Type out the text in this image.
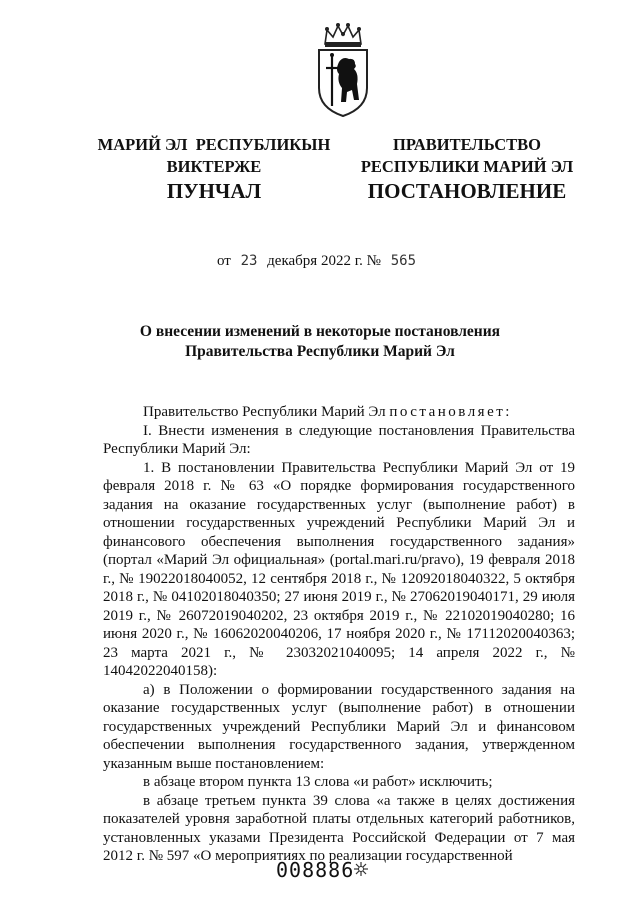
МАРИЙ ЭЛ  РЕСПУБЛИКЫН
ВИКТЕРЖЕ
ПРАВИТЕЛЬСТВО
РЕСПУБЛИКИ МАРИЙ ЭЛ
ПУНЧАЛ	ПОСТАНОВЛЕНИЕ
от 23 декабря 2022 г. № 565
О внесении изменений в некоторые постановления
Правительства Республики Марий Эл

Правительство Республики Марий Эл постановляет:

I. Внести изменения в следующие постановления Правительства Республики Марий Эл:

1. В постановлении Правительства Республики Марий Эл от 19 февраля 2018 г. № 63 «О порядке формирования государственного задания на оказание государственных услуг (выполнение работ) в отношении государственных учреждений Республики Марий Эл и финансового обеспечения выполнения государственного задания» (портал «Марий Эл официальная» (portal.mari.ru/pravo), 19 февраля 2018 г., № 19022018040052, 12 сентября 2018 г., № 12092018040322, 5 октября 2018 г., № 04102018040350; 27 июня 2019 г., № 27062019040171, 29 июля 2019 г., № 26072019040202, 23 октября 2019 г., № 22102019040280; 16 июня 2020 г., № 16062020040206, 17 ноября 2020 г., № 17112020040363; 23 марта 2021 г., № 23032021040095; 14 апреля 2022 г., № 14042022040158):

а) в Положении о формировании государственного задания на оказание государственных услуг (выполнение работ) в отношении государственных учреждений Республики Марий Эл и финансовом обеспечении выполнения государственного задания, утвержденном указанным выше постановлением:

в абзаце втором пункта 13 слова «и работ» исключить;

в абзаце третьем пункта 39 слова «а также в целях достижения показателей уровня заработной платы отдельных категорий работников, установленных указами Президента Российской Федерации от 7 мая 2012 г. № 597 «О мероприятиях по реализации государственной

008886
